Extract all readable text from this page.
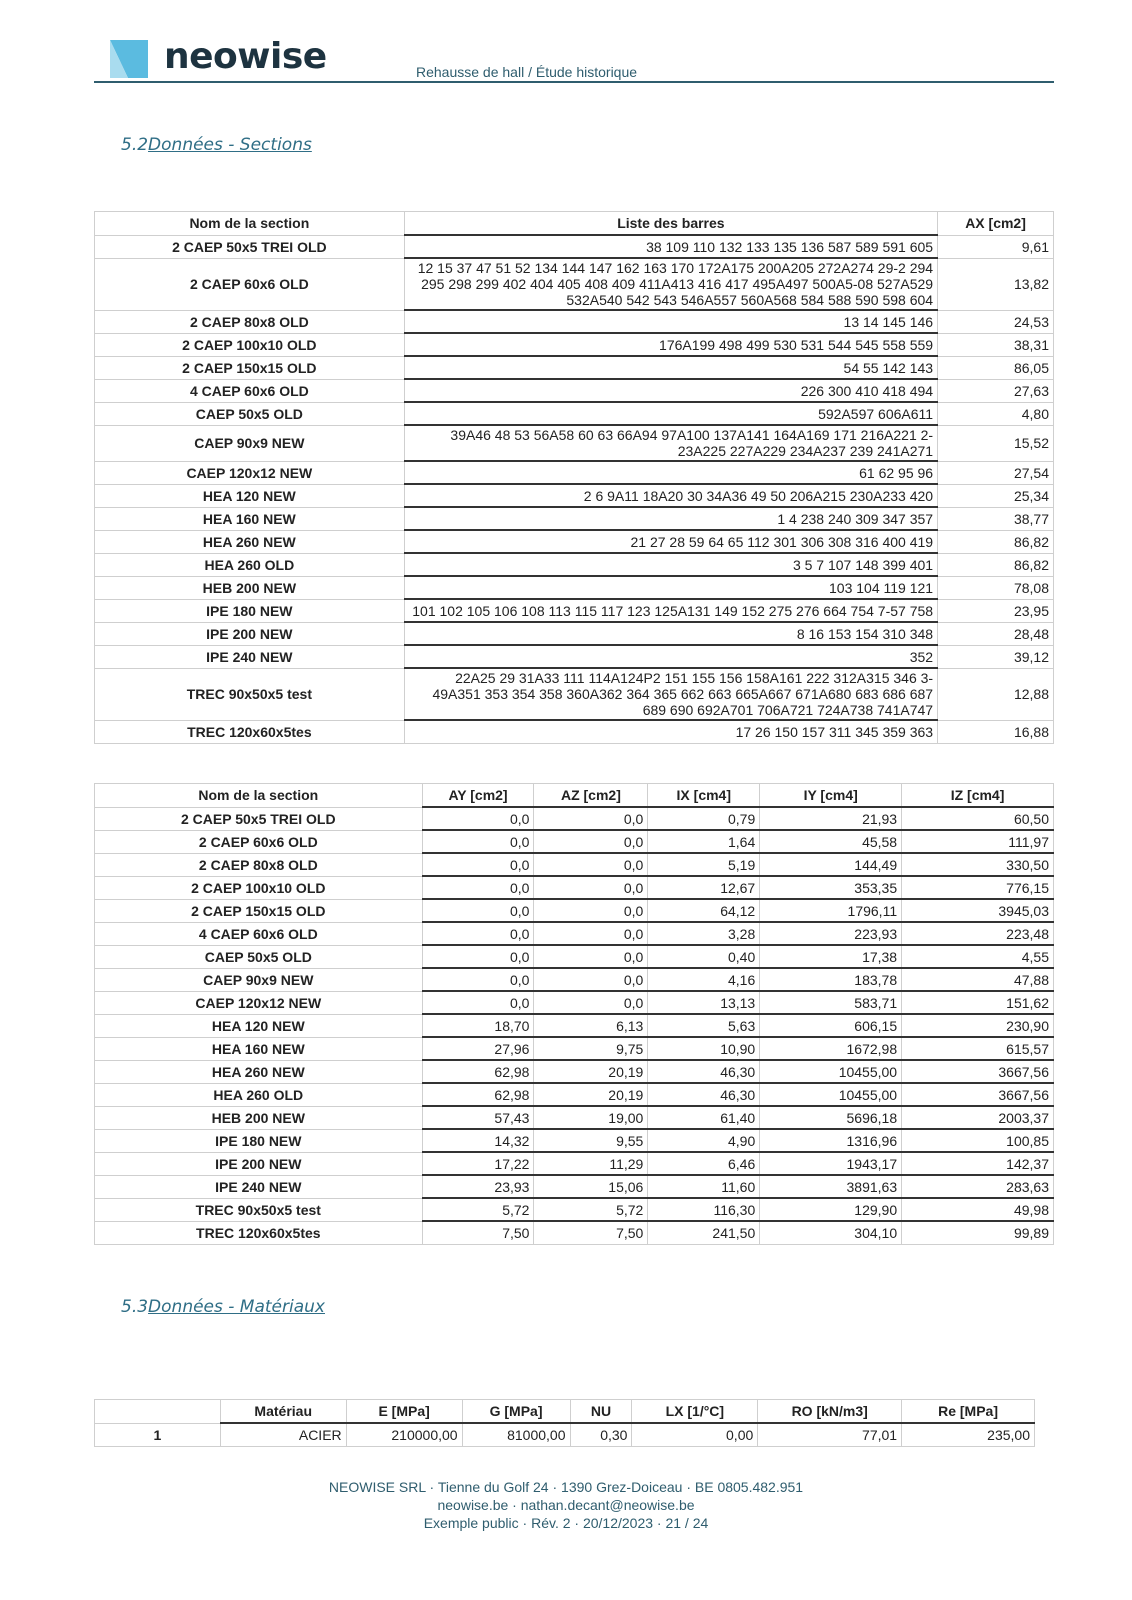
neowise	Rehausse de hall / Étude historique
5.2Données - Sections
Nom de la section	Liste des barres	AX [cm2]
2 CAEP 50x5 TREI OLD	38 109 110 132 133 135 136 587 589 591 605	9,61
2 CAEP 60x6 OLD	12 15 37 47 51 52 134 144 147 162 163 170 172A175 200A205 272A274 29-2 294 295 298 299 402 404 405 408 409 411A413 416 417 495A497 500A5-08 527A529 532A540 542 543 546A557 560A568 584 588 590 598 604	13,82
2 CAEP 80x8 OLD	13 14 145 146	24,53
2 CAEP 100x10 OLD	176A199 498 499 530 531 544 545 558 559	38,31
2 CAEP 150x15 OLD	54 55 142 143	86,05
4 CAEP 60x6 OLD	226 300 410 418 494	27,63
CAEP 50x5 OLD	592A597 606A611	4,80
CAEP 90x9 NEW	39A46 48 53 56A58 60 63 66A94 97A100 137A141 164A169 171 216A221 2-23A225 227A229 234A237 239 241A271	15,52
CAEP 120x12 NEW	61 62 95 96	27,54
HEA 120 NEW	2 6 9A11 18A20 30 34A36 49 50 206A215 230A233 420	25,34
HEA 160 NEW	1 4 238 240 309 347 357	38,77
HEA 260 NEW	21 27 28 59 64 65 112 301 306 308 316 400 419	86,82
HEA 260 OLD	3 5 7 107 148 399 401	86,82
HEB 200 NEW	103 104 119 121	78,08
IPE 180 NEW	101 102 105 106 108 113 115 117 123 125A131 149 152 275 276 664 754 7-57 758	23,95
IPE 200 NEW	8 16 153 154 310 348	28,48
IPE 240 NEW	352	39,12
TREC 90x50x5 test	22A25 29 31A33 111 114A124P2 151 155 156 158A161 222 312A315 346 3-49A351 353 354 358 360A362 364 365 662 663 665A667 671A680 683 686 687 689 690 692A701 706A721 724A738 741A747	12,88
TREC 120x60x5tes	17 26 150 157 311 345 359 363	16,88
Nom de la section	AY [cm2]	AZ [cm2]	IX [cm4]	IY [cm4]	IZ [cm4]
2 CAEP 50x5 TREI OLD	0,0	0,0	0,79	21,93	60,50
2 CAEP 60x6 OLD	0,0	0,0	1,64	45,58	111,97
2 CAEP 80x8 OLD	0,0	0,0	5,19	144,49	330,50
2 CAEP 100x10 OLD	0,0	0,0	12,67	353,35	776,15
2 CAEP 150x15 OLD	0,0	0,0	64,12	1796,11	3945,03
4 CAEP 60x6 OLD	0,0	0,0	3,28	223,93	223,48
CAEP 50x5 OLD	0,0	0,0	0,40	17,38	4,55
CAEP 90x9 NEW	0,0	0,0	4,16	183,78	47,88
CAEP 120x12 NEW	0,0	0,0	13,13	583,71	151,62
HEA 120 NEW	18,70	6,13	5,63	606,15	230,90
HEA 160 NEW	27,96	9,75	10,90	1672,98	615,57
HEA 260 NEW	62,98	20,19	46,30	10455,00	3667,56
HEA 260 OLD	62,98	20,19	46,30	10455,00	3667,56
HEB 200 NEW	57,43	19,00	61,40	5696,18	2003,37
IPE 180 NEW	14,32	9,55	4,90	1316,96	100,85
IPE 200 NEW	17,22	11,29	6,46	1943,17	142,37
IPE 240 NEW	23,93	15,06	11,60	3891,63	283,63
TREC 90x50x5 test	5,72	5,72	116,30	129,90	49,98
TREC 120x60x5tes	7,50	7,50	241,50	304,10	99,89
5.3Données - Matériaux
	Matériau	E [MPa]	G [MPa]	NU	LX [1/°C]	RO [kN/m3]	Re [MPa]
1	ACIER	210000,00	81000,00	0,30	0,00	77,01	235,00
NEOWISE SRL · Tienne du Golf 24 · 1390 Grez-Doiceau · BE 0805.482.951
neowise.be · nathan.decant@neowise.be
Exemple public · Rév. 2 · 20/12/2023 · 21 / 24
